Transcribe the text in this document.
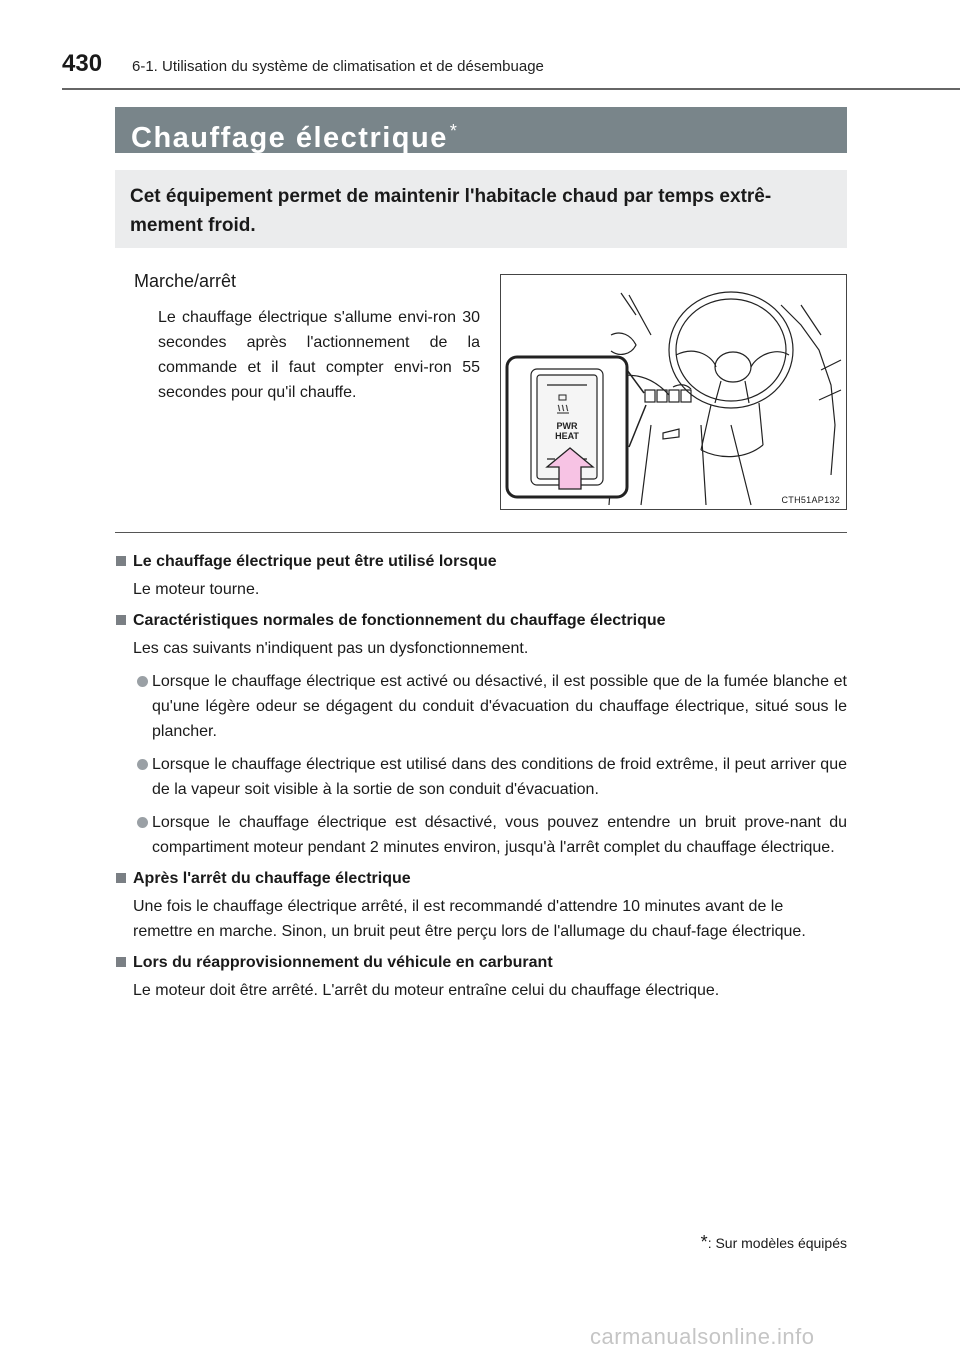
430 6-1. Utilisation du système de climatisation et de désembuage
Chauffage électrique *
Cet équipement permet de maintenir l'habitacle chaud par temps extrê-mement froid.
Marche/arrêt
Le chauffage électrique s'allume envi-ron 30 secondes après l'actionnement de la commande et il faut compter envi-ron 55 secondes pour qu'il chauffe.
PWR
HEAT
CTH51AP132
Le chauffage électrique peut être utilisé lorsque
Le moteur tourne.
Caractéristiques normales de fonctionnement du chauffage électrique
Les cas suivants n'indiquent pas un dysfonctionnement.
Lorsque le chauffage électrique est activé ou désactivé, il est possible que de la fumée blanche et qu'une légère odeur se dégagent du conduit d'évacuation du chauffage électrique, situé sous le plancher.
Lorsque le chauffage électrique est utilisé dans des conditions de froid extrême, il peut arriver que de la vapeur soit visible à la sortie de son conduit d'évacuation.
Lorsque le chauffage électrique est désactivé, vous pouvez entendre un bruit prove-nant du compartiment moteur pendant 2 minutes environ, jusqu'à l'arrêt complet du chauffage électrique.
Après l'arrêt du chauffage électrique
Une fois le chauffage électrique arrêté, il est recommandé d'attendre 10 minutes avant de le remettre en marche. Sinon, un bruit peut être perçu lors de l'allumage du chauf-fage électrique.
Lors du réapprovisionnement du véhicule en carburant
Le moteur doit être arrêté. L'arrêt du moteur entraîne celui du chauffage électrique.
*: Sur modèles équipés
carmanualsonline.info
